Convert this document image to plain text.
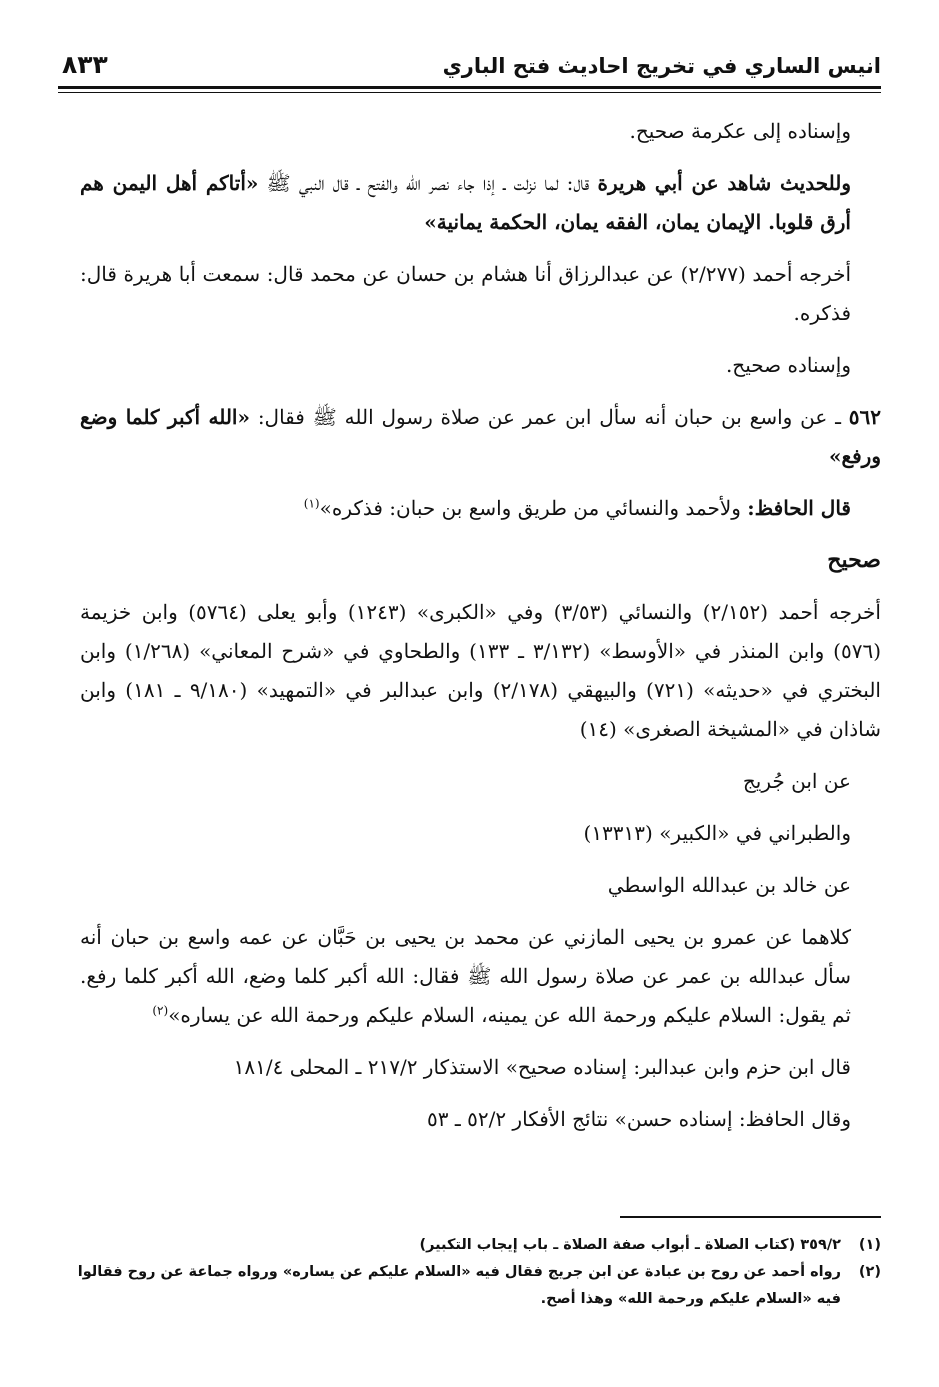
انيس الساري في تخريج احاديث فتح الباري
٨٣٣

وإسناده إلى عكرمة صحيح.

وللحديث شاهد عن أبي هريرة قال: لما نزلت ـ إذا جاء نصر الله والفتح ـ قال النبي ﷺ «أتاكم أهل اليمن هم أرق قلوبا. الإيمان يمان، الفقه يمان، الحكمة يمانية»

أخرجه أحمد (٢/٢٧٧) عن عبدالرزاق أنا هشام بن حسان عن محمد قال: سمعت أبا هريرة قال: فذكره.

وإسناده صحيح.

٥٦٢ ـ عن واسع بن حبان أنه سأل ابن عمر عن صلاة رسول الله ﷺ فقال: «الله أكبر كلما وضع ورفع»

قال الحافظ: ولأحمد والنسائي من طريق واسع بن حبان: فذكره»$^{(١)}$

صحيح

أخرجه أحمد (٢/١٥٢) والنسائي (٣/٥٣) وفي «الكبرى» (١٢٤٣) وأبو يعلى (٥٧٦٤) وابن خزيمة (٥٧٦) وابن المنذر في «الأوسط» (٣/١٣٢ ـ ١٣٣) والطحاوي في «شرح المعاني» (١/٢٦٨) وابن البختري في «حديثه» (٧٢١) والبيهقي (٢/١٧٨) وابن عبدالبر في «التمهيد» (٩/١٨٠ ـ ١٨١) وابن شاذان في «المشيخة الصغرى» (١٤)

عن ابن جُريج

والطبراني في «الكبير» (١٣٣١٣)

عن خالد بن عبدالله الواسطي

كلاهما عن عمرو بن يحيى المازني عن محمد بن يحيى بن حَبَّان عن عمه واسع بن حبان أنه سأل عبدالله بن عمر عن صلاة رسول الله ﷺ فقال: الله أكبر كلما وضع، الله أكبر كلما رفع. ثم يقول: السلام عليكم ورحمة الله عن يمينه، السلام عليكم ورحمة الله عن يساره»$^{(٢)}$

قال ابن حزم وابن عبدالبر: إسناده صحيح» الاستذكار ٢١٧/٢ ـ المحلى ١٨١/٤

وقال الحافظ: إسناده حسن» نتائج الأفكار ٥٢/٢ ـ ٥٣

(١)
٣٥٩/٢ (كتاب الصلاة ـ أبواب صفة الصلاة ـ باب إيجاب التكبير)
(٢)
رواه أحمد عن روح بن عبادة عن ابن جريج فقال فيه «السلام عليكم عن يساره» ورواه جماعة عن روح فقالوا فيه «السلام عليكم ورحمة الله» وهذا أصح.
